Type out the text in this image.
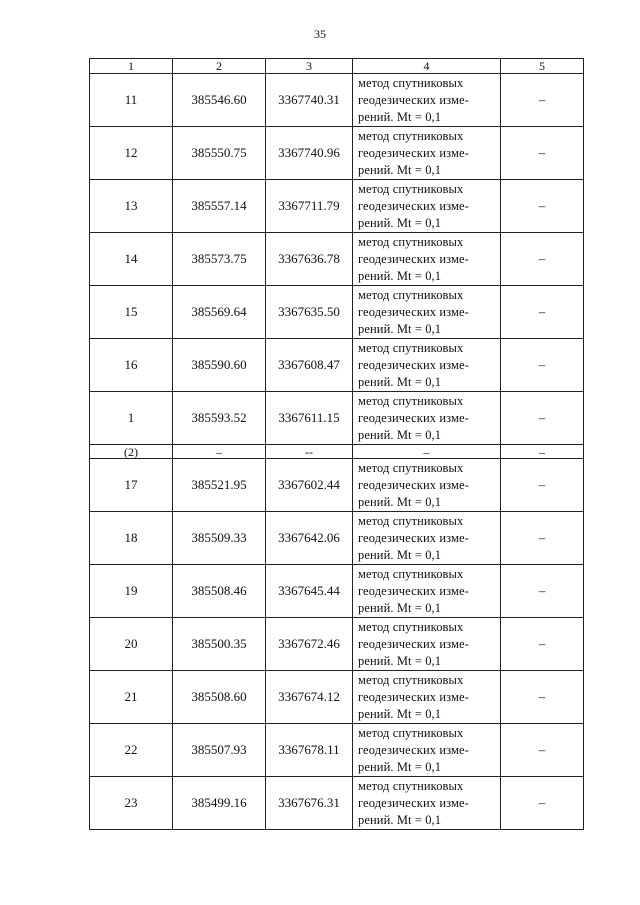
35
1	2	3	4	5
11	385546.60	3367740.31	метод спутниковых
геодезических изме-
рений. Mt = 0,1	–
12	385550.75	3367740.96	метод спутниковых
геодезических изме-
рений. Mt = 0,1	–
13	385557.14	3367711.79	метод спутниковых
геодезических изме-
рений. Mt = 0,1	–
14	385573.75	3367636.78	метод спутниковых
геодезических изме-
рений. Mt = 0,1	–
15	385569.64	3367635.50	метод спутниковых
геодезических изме-
рений. Mt = 0,1	–
16	385590.60	3367608.47	метод спутниковых
геодезических изме-
рений. Mt = 0,1	–
1	385593.52	3367611.15	метод спутниковых
геодезических изме-
рений. Mt = 0,1	–
(2)	–	--	–	–
17	385521.95	3367602.44	метод спутниковых
геодезических изме-
рений. Mt = 0,1	–
18	385509.33	3367642.06	метод спутниковых
геодезических изме-
рений. Mt = 0,1	–
19	385508.46	3367645.44	метод спутниковых
геодезических изме-
рений. Mt = 0,1	–
20	385500.35	3367672.46	метод спутниковых
геодезических изме-
рений. Mt = 0,1	–
21	385508.60	3367674.12	метод спутниковых
геодезических изме-
рений. Mt = 0,1	–
22	385507.93	3367678.11	метод спутниковых
геодезических изме-
рений. Mt = 0,1	–
23	385499.16	3367676.31	метод спутниковых
геодезических изме-
рений. Mt = 0,1	–
